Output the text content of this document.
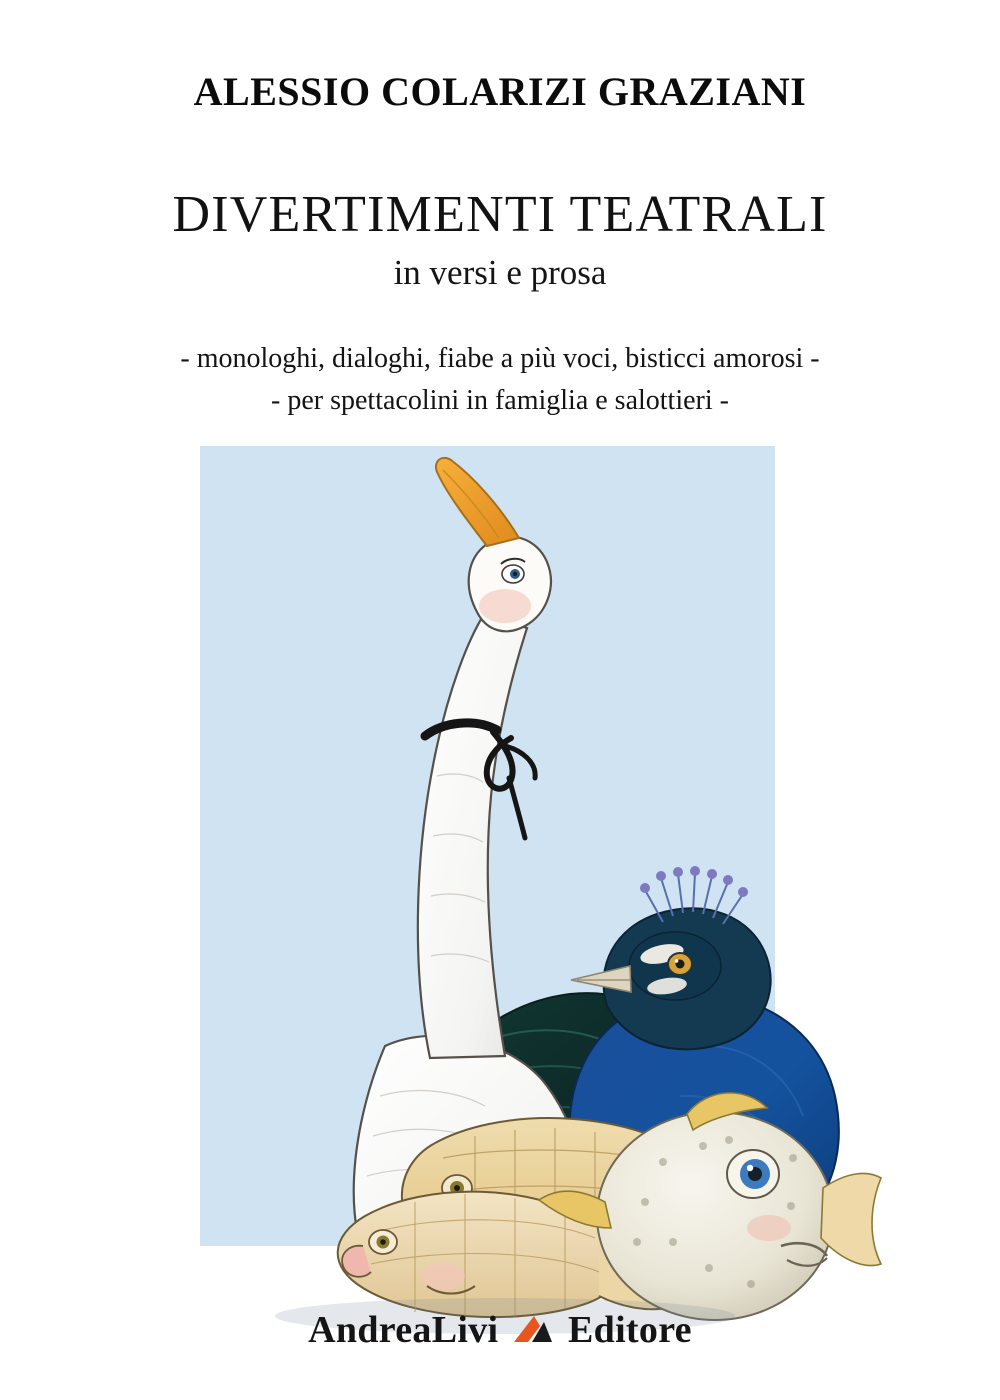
ALESSIO COLARIZI GRAZIANI
DIVERTIMENTI TEATRALI
in versi e prosa
- monologhi, dialoghi, fiabe a più voci, bisticci amorosi -
- per spettacolini in famiglia e salottieri -
AndreaLivi Editore
